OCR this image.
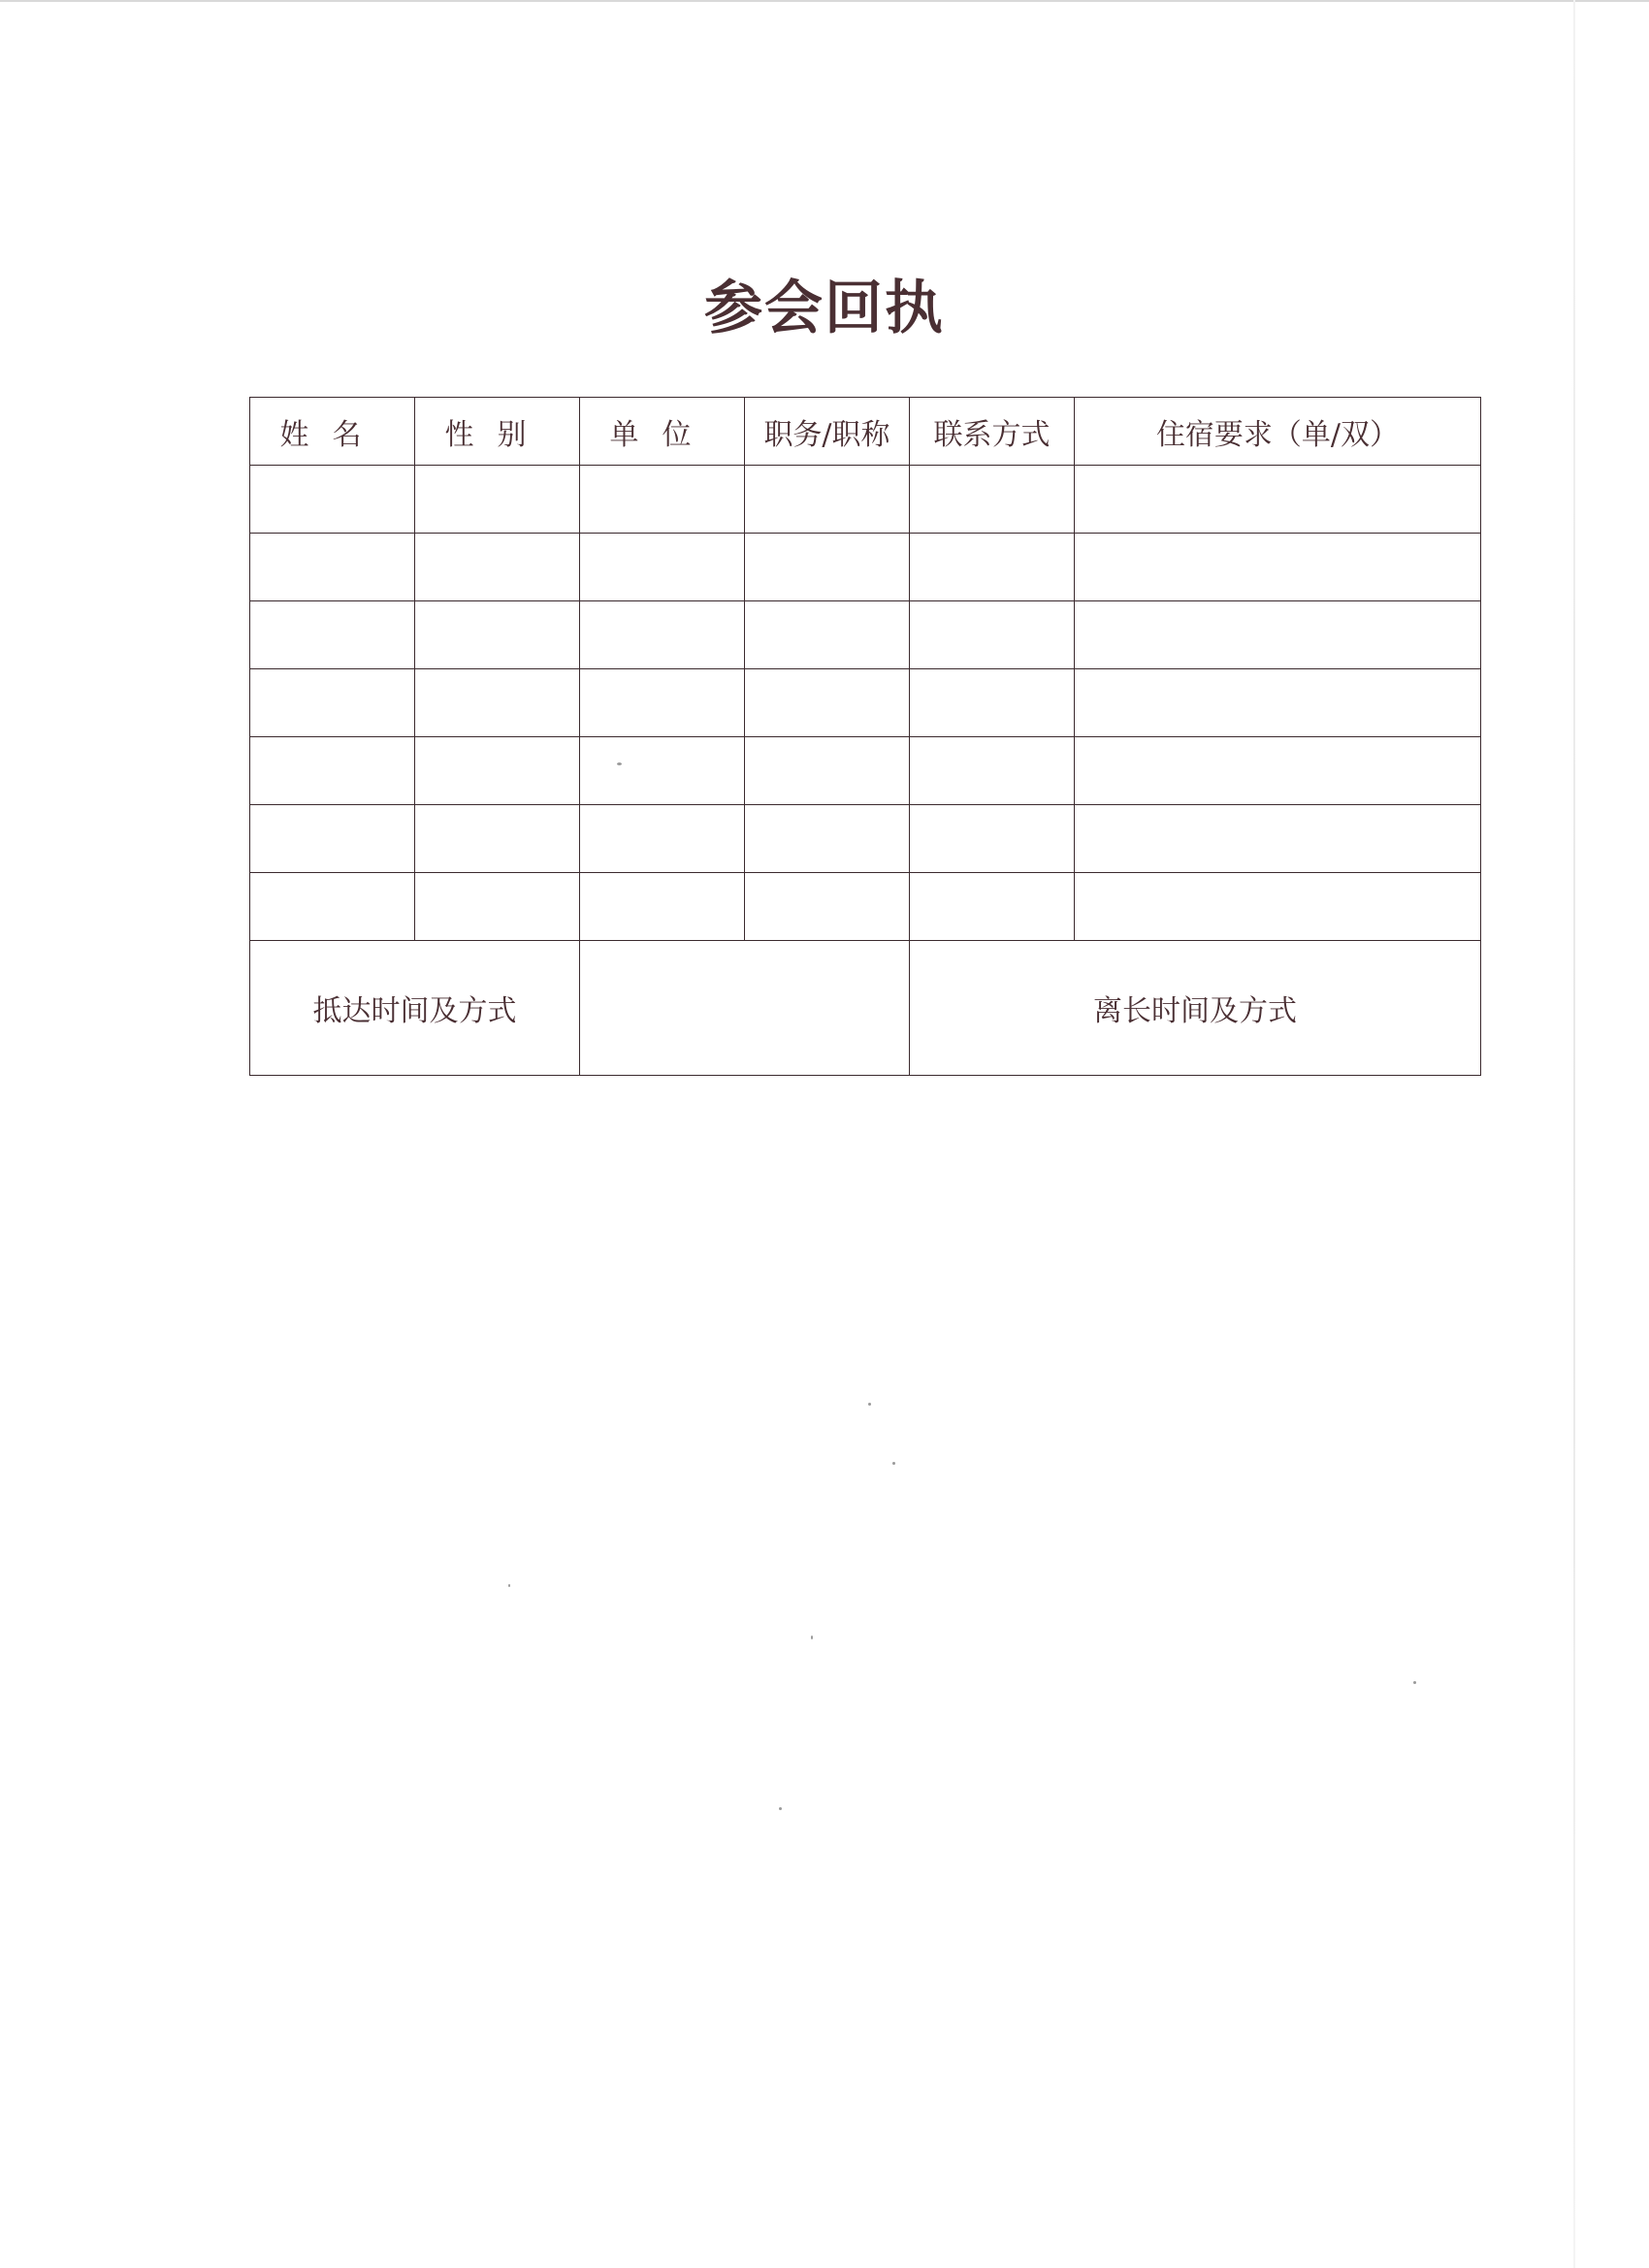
参会回执
姓名	性别	单位	职务/职称	联系方式	住宿要求（单/双）

抵达时间及方式				离长时间及方式	
